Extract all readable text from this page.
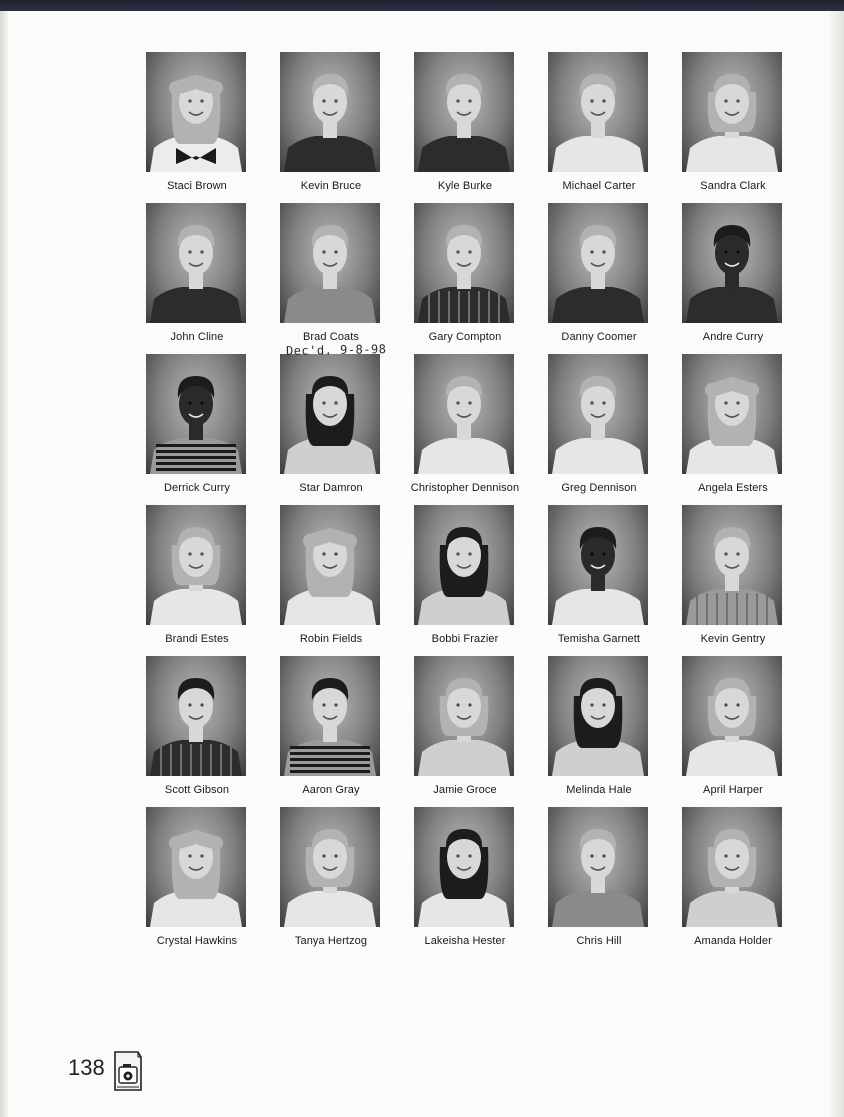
Staci Brown	Kevin Bruce	Kyle Burke	Michael Carter	Sandra Clark
John Cline	Brad Coats	Gary Compton	Danny Coomer	Andre Curry
Derrick Curry	Star Damron	Christopher Dennison	Greg Dennison	Angela Esters
Brandi Estes	Robin Fields	Bobbi Frazier	Temisha Garnett	Kevin Gentry
Scott Gibson	Aaron Gray	Jamie Groce	Melinda Hale	April Harper
Crystal Hawkins	Tanya Hertzog	Lakeisha Hester	Chris Hill	Amanda Holder
Dec'd. 9-8-98
138
